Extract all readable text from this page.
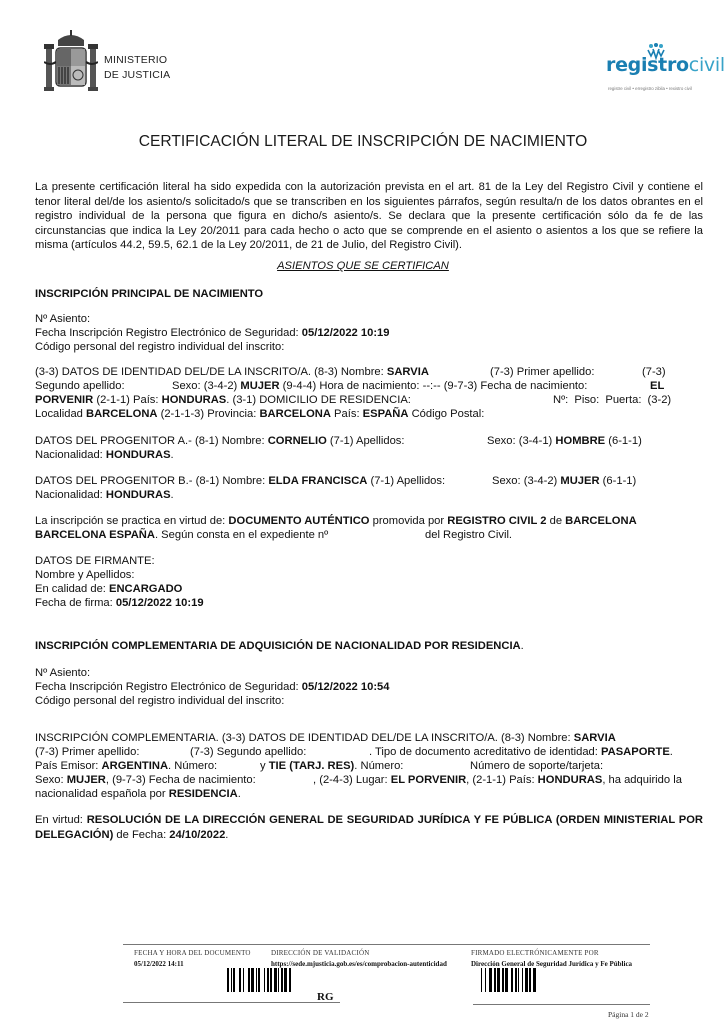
MINISTERIO
DE JUSTICIA	registrocivil
registre civil • erregistro zibila • rexistro civil
CERTIFICACIÓN LITERAL DE INSCRIPCIÓN DE NACIMIENTO
La presente certificación literal ha sido expedida con la autorización prevista en el art. 81 de la Ley del Registro Civil y contiene el tenor literal del/de los asiento/s solicitado/s que se transcriben en los siguientes párrafos, según resulta/n de los datos obrantes en el registro individual de la persona que figura en dicho/s asiento/s. Se declara que la presente certificación sólo da fe de las circunstancias que indica la Ley 20/2011 para cada hecho o acto que se comprende en el asiento o asientos a los que se refiere la misma (artículos 44.2, 59.5, 62.1 de la Ley 20/2011, de 21 de Julio, del Registro Civil).
ASIENTOS QUE SE CERTIFICAN
INSCRIPCIÓN PRINCIPAL DE NACIMIENTO
Nº Asiento:
Fecha Inscripción Registro Electrónico de Seguridad: 05/12/2022 10:19
Código personal del registro individual del inscrito:
(3-3) DATOS DE IDENTIDAD DEL/DE LA INSCRITO/A. (8-3) Nombre: SARVIA	(7-3) Primer apellido:	(7-3)
Segundo apellido:	Sexo: (3-4-2) MUJER (9-4-4) Hora de nacimiento: --:-- (9-7-3) Fecha de nacimiento:	EL
PORVENIR (2-1-1) País: HONDURAS. (3-1) DOMICILIO DE RESIDENCIA:	Nº: Piso: Puerta: (3-2)
Localidad BARCELONA (2-1-1-3) Provincia: BARCELONA País: ESPAÑA Código Postal:
DATOS DEL PROGENITOR A.- (8-1) Nombre: CORNELIO (7-1) Apellidos:	Sexo: (3-4-1) HOMBRE (6-1-1)
Nacionalidad: HONDURAS.
DATOS DEL PROGENITOR B.- (8-1) Nombre: ELDA FRANCISCA (7-1) Apellidos:	Sexo: (3-4-2) MUJER (6-1-1)
Nacionalidad: HONDURAS.
La inscripción se practica en virtud de: DOCUMENTO AUTÉNTICO promovida por REGISTRO CIVIL 2 de BARCELONA
BARCELONA ESPAÑA. Según consta en el expediente nº	del Registro Civil.
DATOS DE FIRMANTE:
Nombre y Apellidos:
En calidad de: ENCARGADO
Fecha de firma: 05/12/2022 10:19
INSCRIPCIÓN COMPLEMENTARIA DE ADQUISICIÓN DE NACIONALIDAD POR RESIDENCIA.
Nº Asiento:
Fecha Inscripción Registro Electrónico de Seguridad: 05/12/2022 10:54
Código personal del registro individual del inscrito:
INSCRIPCIÓN COMPLEMENTARIA. (3-3) DATOS DE IDENTIDAD DEL/DE LA INSCRITO/A. (8-3) Nombre: SARVIA
(7-3) Primer apellido:	(7-3) Segundo apellido:	. Tipo de documento acreditativo de identidad: PASAPORTE.
País Emisor: ARGENTINA. Número:	y TIE (TARJ. RES). Número:	Número de soporte/tarjeta:
Sexo: MUJER, (9-7-3) Fecha de nacimiento:	, (2-4-3) Lugar: EL PORVENIR, (2-1-1) País: HONDURAS, ha adquirido la
nacionalidad española por RESIDENCIA.
En virtud: RESOLUCIÓN DE LA DIRECCIÓN GENERAL DE SEGURIDAD JURÍDICA Y FE PÚBLICA (ORDEN MINISTERIAL POR DELEGACIÓN) de Fecha: 24/10/2022.
FECHA Y HORA DEL DOCUMENTO
05/12/2022 14:11
DIRECCIÓN DE VALIDACIÓN
https://sede.mjusticia.gob.es/es/comprobacion-autenticidad
FIRMADO ELECTRÓNICAMENTE POR
Dirección General de Seguridad Jurídica y Fe Pública
RG
Página 1 de 2
